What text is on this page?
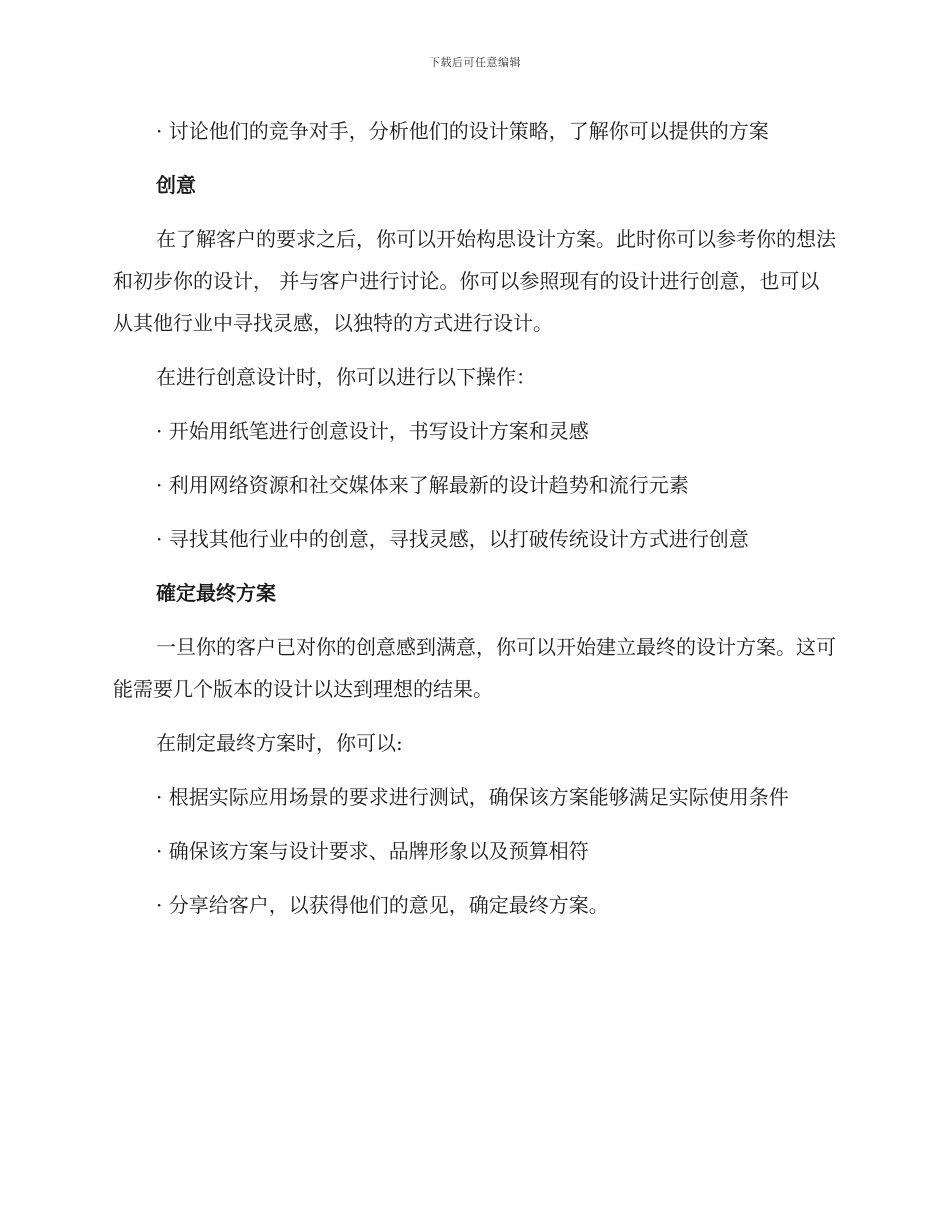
下载后可任意编辑

· 讨论他们的竞争对手，分析他们的设计策略，了解你可以提供的方案

创意

在了解客户的要求之后，你可以开始构思设计方案。此时你可以参考你的想法和初步你的设计， 并与客户进行讨论。你可以参照现有的设计进行创意，也可以从其他行业中寻找灵感，以独特的方式进行设计。

在进行创意设计时，你可以进行以下操作：

· 开始用纸笔进行创意设计，书写设计方案和灵感

· 利用网络资源和社交媒体来了解最新的设计趋势和流行元素

· 寻找其他行业中的创意，寻找灵感，以打破传统设计方式进行创意

確定最终方案

一旦你的客户已对你的创意感到满意，你可以开始建立最终的设计方案。这可能需要几个版本的设计以达到理想的结果。

在制定最终方案时，你可以:

· 根据实际应用场景的要求进行测试，确保该方案能够满足实际使用条件

· 确保该方案与设计要求、品牌形象以及预算相符

· 分享给客户，以获得他们的意见，确定最终方案。
